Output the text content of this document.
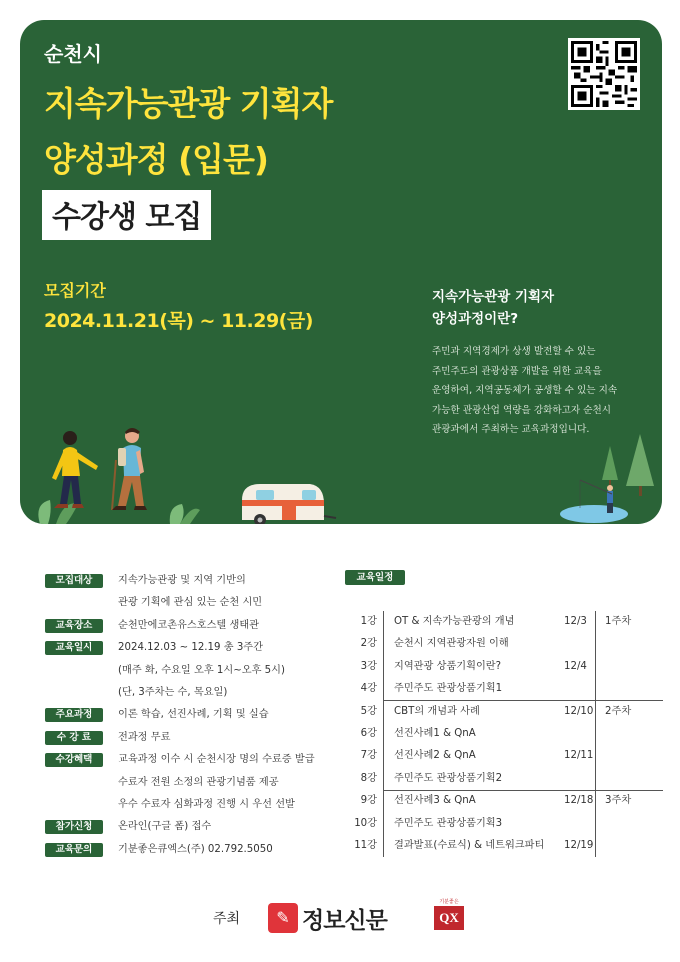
순천시
지속가능관광 기획자
양성과정 (입문)
수강생 모집
모집기간
2024.11.21(목) ~ 11.29(금)
지속가능관광 기획자
양성과정이란?
주민과 지역경제가 상생 발전할 수 있는
주민주도의 관광상품 개발을 위한 교육을
운영하여, 지역공동체가 공생할 수 있는 지속
가능한 관광산업 역량을 강화하고자 순천시
관광과에서 주최하는 교육과정입니다.
모집대상	지속가능관광 및 지역 기반의
관광 기획에 관심 있는 순천 시민
교육장소	순천만에코촌유스호스텔 생태관
교육일시	2024.12.03 ~ 12.19 총 3주간
(매주 화, 수요일 오후 1시~오후 5시)
(단, 3주차는 수, 목요일)
주요과정	이론 학습, 선진사례, 기획 및 실습
수 강 료	전과정 무료
수강혜택	교육과정 이수 시 순천시장 명의 수료증 발급
수료자 전원 소정의 관광기념품 제공
우수 수료자 심화과정 진행 시 우선 선발
참가신청	온라인(구글 폼) 접수
교육문의	기분좋은큐엑스(주) 02.792.5050
교육일정
1강 OT & 지속가능관광의 개념	12/3 1주차
2강 순천시 지역관광자원 이해
3강 지역관광 상품기획이란?	12/4
4강 주민주도 관광상품기획1
5강 CBT의 개념과 사례	12/10 2주차
6강 선진사례1 & QnA
7강 선진사례2 & QnA	12/11
8강 주민주도 관광상품기획2
9강 선진사례3 & QnA	12/18 3주차
10강 주민주도 관광상품기획3
11강 결과발표(수료식) & 네트워크파티 12/19
주최	✎ 정보신문
기분좋은
QX
